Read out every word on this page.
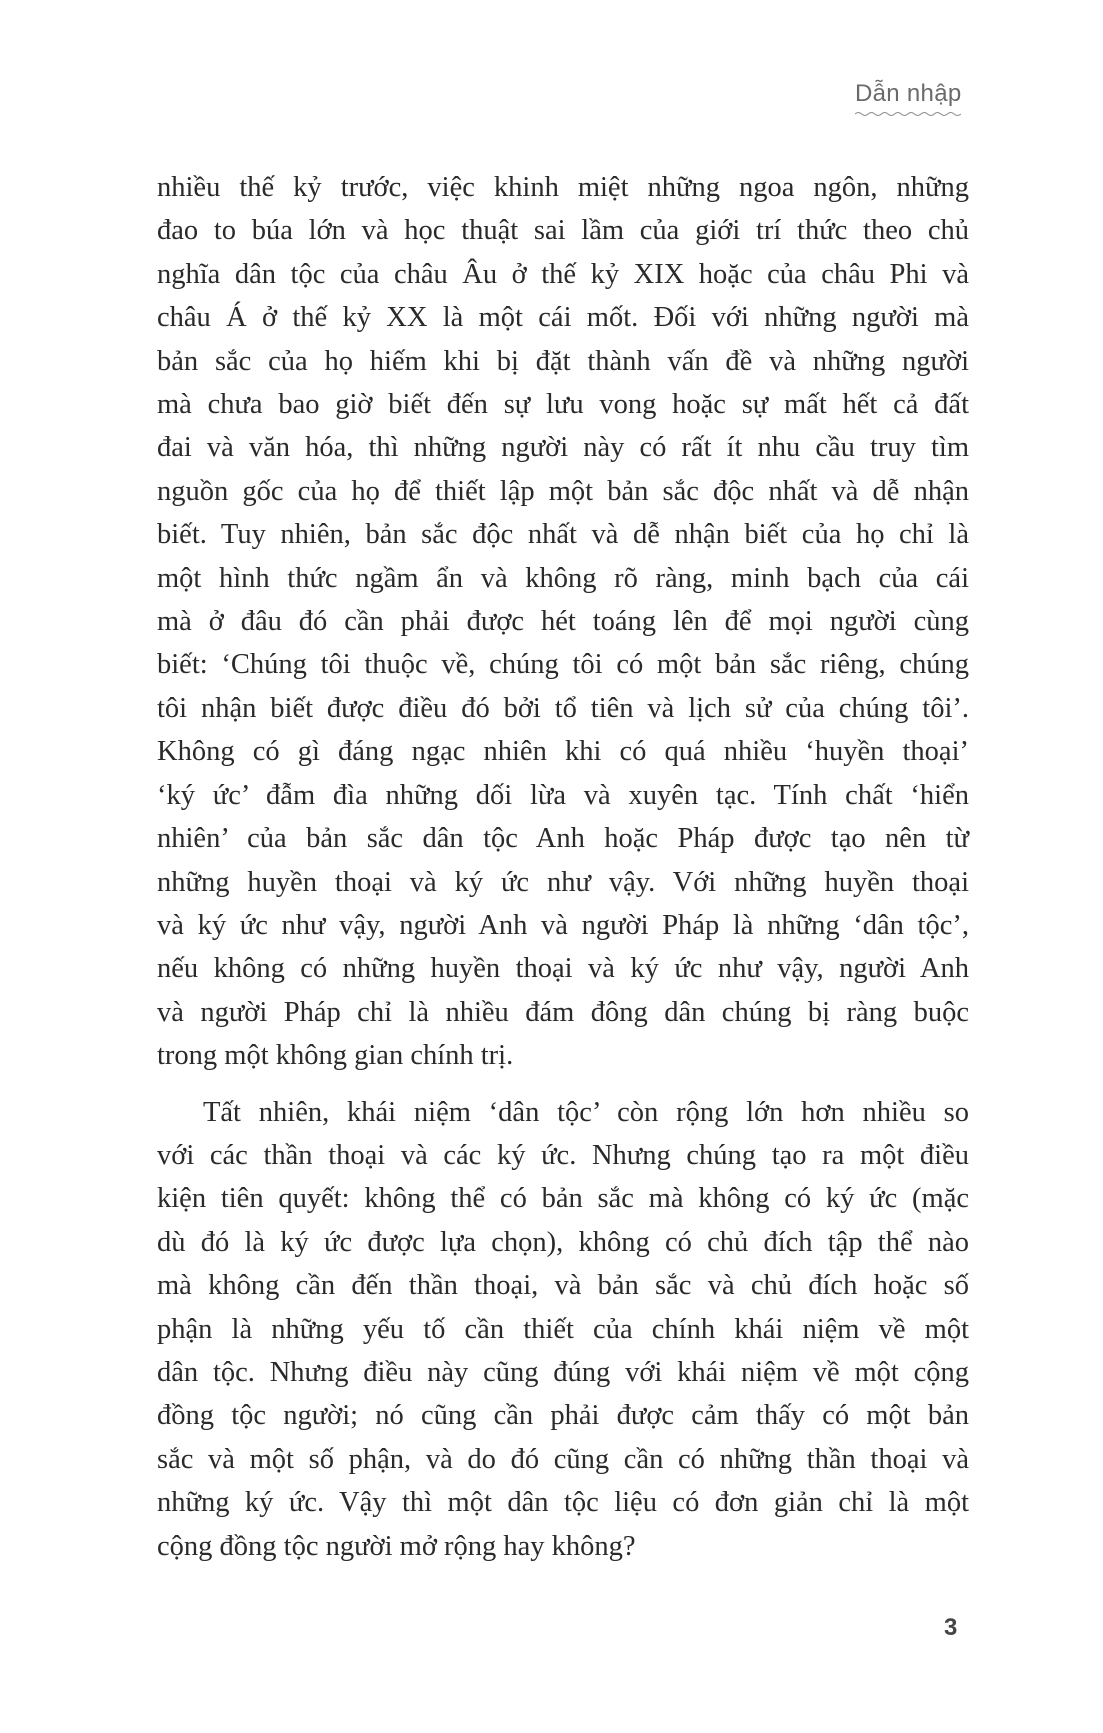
Dẫn nhập
nhiều thế kỷ trước, việc khinh miệt những ngoa ngôn, những
đao to búa lớn và học thuật sai lầm của giới trí thức theo chủ
nghĩa dân tộc của châu Âu ở thế kỷ XIX hoặc của châu Phi và
châu Á ở thế kỷ XX là một cái mốt. Đối với những người mà
bản sắc của họ hiếm khi bị đặt thành vấn đề và những người
mà chưa bao giờ biết đến sự lưu vong hoặc sự mất hết cả đất
đai và văn hóa, thì những người này có rất ít nhu cầu truy tìm
nguồn gốc của họ để thiết lập một bản sắc độc nhất và dễ nhận
biết. Tuy nhiên, bản sắc độc nhất và dễ nhận biết của họ chỉ là
một hình thức ngầm ẩn và không rõ ràng, minh bạch của cái
mà ở đâu đó cần phải được hét toáng lên để mọi người cùng
biết: ‘Chúng tôi thuộc về, chúng tôi có một bản sắc riêng, chúng
tôi nhận biết được điều đó bởi tổ tiên và lịch sử của chúng tôi’.
Không có gì đáng ngạc nhiên khi có quá nhiều ‘huyền thoại’
‘ký ức’ đẫm đìa những dối lừa và xuyên tạc. Tính chất ‘hiển
nhiên’ của bản sắc dân tộc Anh hoặc Pháp được tạo nên từ
những huyền thoại và ký ức như vậy. Với những huyền thoại
và ký ức như vậy, người Anh và người Pháp là những ‘dân tộc’,
nếu không có những huyền thoại và ký ức như vậy, người Anh
và người Pháp chỉ là nhiều đám đông dân chúng bị ràng buộc
trong một không gian chính trị.
Tất nhiên, khái niệm ‘dân tộc’ còn rộng lớn hơn nhiều so
với các thần thoại và các ký ức. Nhưng chúng tạo ra một điều
kiện tiên quyết: không thể có bản sắc mà không có ký ức (mặc
dù đó là ký ức được lựa chọn), không có chủ đích tập thể nào
mà không cần đến thần thoại, và bản sắc và chủ đích hoặc số
phận là những yếu tố cần thiết của chính khái niệm về một
dân tộc. Nhưng điều này cũng đúng với khái niệm về một cộng
đồng tộc người; nó cũng cần phải được cảm thấy có một bản
sắc và một số phận, và do đó cũng cần có những thần thoại và
những ký ức. Vậy thì một dân tộc liệu có đơn giản chỉ là một
cộng đồng tộc người mở rộng hay không?
3
